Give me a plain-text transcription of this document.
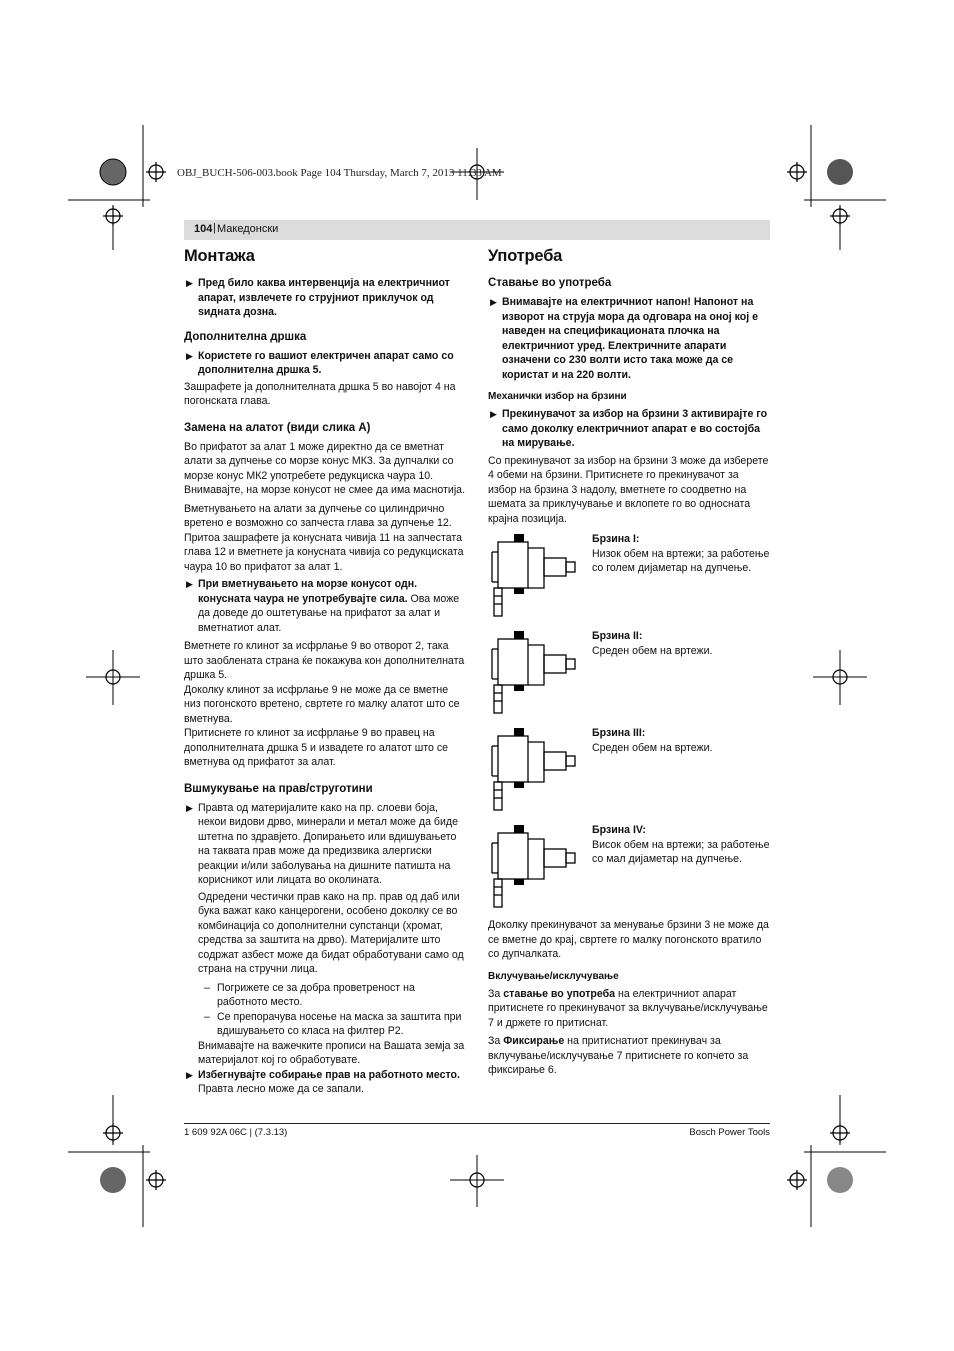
OBJ_BUCH-506-003.book Page 104 Thursday, March 7, 2013 11:33 AM
104 Македонски
|
Монтажа
▶ Пред било каква интервенција на електричниот апарат, извлечете го струјниот приклучок од ѕидната дозна.
Дополнителна дршка
▶ Користете го вашиот електричен апарат само со дополнителна дршка 5.

Зашрафете ја дополнителната дршка 5 во навојот 4 на погонската глава.

Замена на алатот (види слика А)

Во прифатот за алат 1 може директно да се вметнат алати за дупчење со морзе конус МК3. За дупчалки со морзе конус МК2 употребете редукциска чаура 10.

Внимавајте, на морзе конусот не смее да има маснотија.

Вметнувањето на алати за дупчење со цилиндрично вретено е возможно со запчеста глава за дупчење 12.

Притоа зашрафете ја конусната чивија 11 на запчестата глава 12 и вметнете ја конусната чивија со редукциската чаура 10 во прифатот за алат 1.

▶ При вметнувањето на морзе конусот одн. конусната чаура не употребувајте сила. Ова може да доведе до оштетување на прифатот за алат и вметнатиот алат.

Вметнете го клинот за исфрлање 9 во отворот 2, така што заоблената страна ќе покажува кон дополнителната дршка 5.

Доколку клинот за исфрлање 9 не може да се вметне низ погонското вретено, свртете го малку алатот што се вметнува.

Притиснете го клинот за исфрлање 9 во правец на дополнителната дршка 5 и извадете го алатот што се вметнува од прифатот за алат.

Вшмукување на прав/струготини
▶ Правта од материјалите како на пр. слоеви боја, некои видови дрво, минерали и метал може да биде штетна по здравјето. Допирањето или вдишувањето на таквата прав може да предизвика алергиски реакции и/или заболувања на дишните патишта на корисникот или лицата во околината.

Одредени честички прав како на пр. прав од даб или бука важат како канцерогени, особено доколку се во комбинација со дополнителни супстанци (хромат, средства за заштита на дрво). Материјалите што содржат азбест може да бидат обработувани само од страна на стручни лица.

– Погрижете се за добра проветреност на работното место.
– Се препорачува носење на маска за заштита при вдишувањето со класа на филтер P2.

Внимавајте на важечките прописи на Вашата земја за материјалот кој го обработувате.

▶ Избегнувајте собирање прав на работното место.
Правта лесно може да се запали.
Употреба
Ставање во употреба
▶ Внимавајте на електричниот напон! Напонот на изворот на струја мора да одговара на оној кој е наведен на спецификационата плочка на електричниот уред. Електричните апарати означени со 230 волти исто така може да се користат и на 220 волти.
Механички избор на брзини
▶ Прекинувачот за избор на брзини 3 активирајте го само доколку електричниот апарат е во состојба на мирување.

Со прекинувачот за избор на брзини 3 може да изберете 4 обеми на брзини. Притиснете го прекинувачот за избор на брзина 3 надолу, вметнете го соодветно на шемата за приклучување и вклопете го во односната крајна позиција.

Брзина I:
Низок обем на вртежи; за работење со голем дијаметар на дупчење.
Брзина II:
Среден обем на вртежи.
Брзина III:
Среден обем на вртежи.
Брзина IV:
Висок обем на вртежи; за работење со мал дијаметар на дупчење.

Доколку прекинувачот за менување брзини 3 не може да се вметне до крај, свртете го малку погонското вратило со дупчалката.

Вклучување/исклучување

За ставање во употреба на електричниот апарат притиснете го прекинувачот за вклучување/исклучување 7 и држете го притиснат.

За Фиксирање на притиснатиот прекинувач за вклучување/исклучување 7 притиснете го копчето за фиксирање 6.

1 609 92A 06C | (7.3.13)	Bosch Power Tools
